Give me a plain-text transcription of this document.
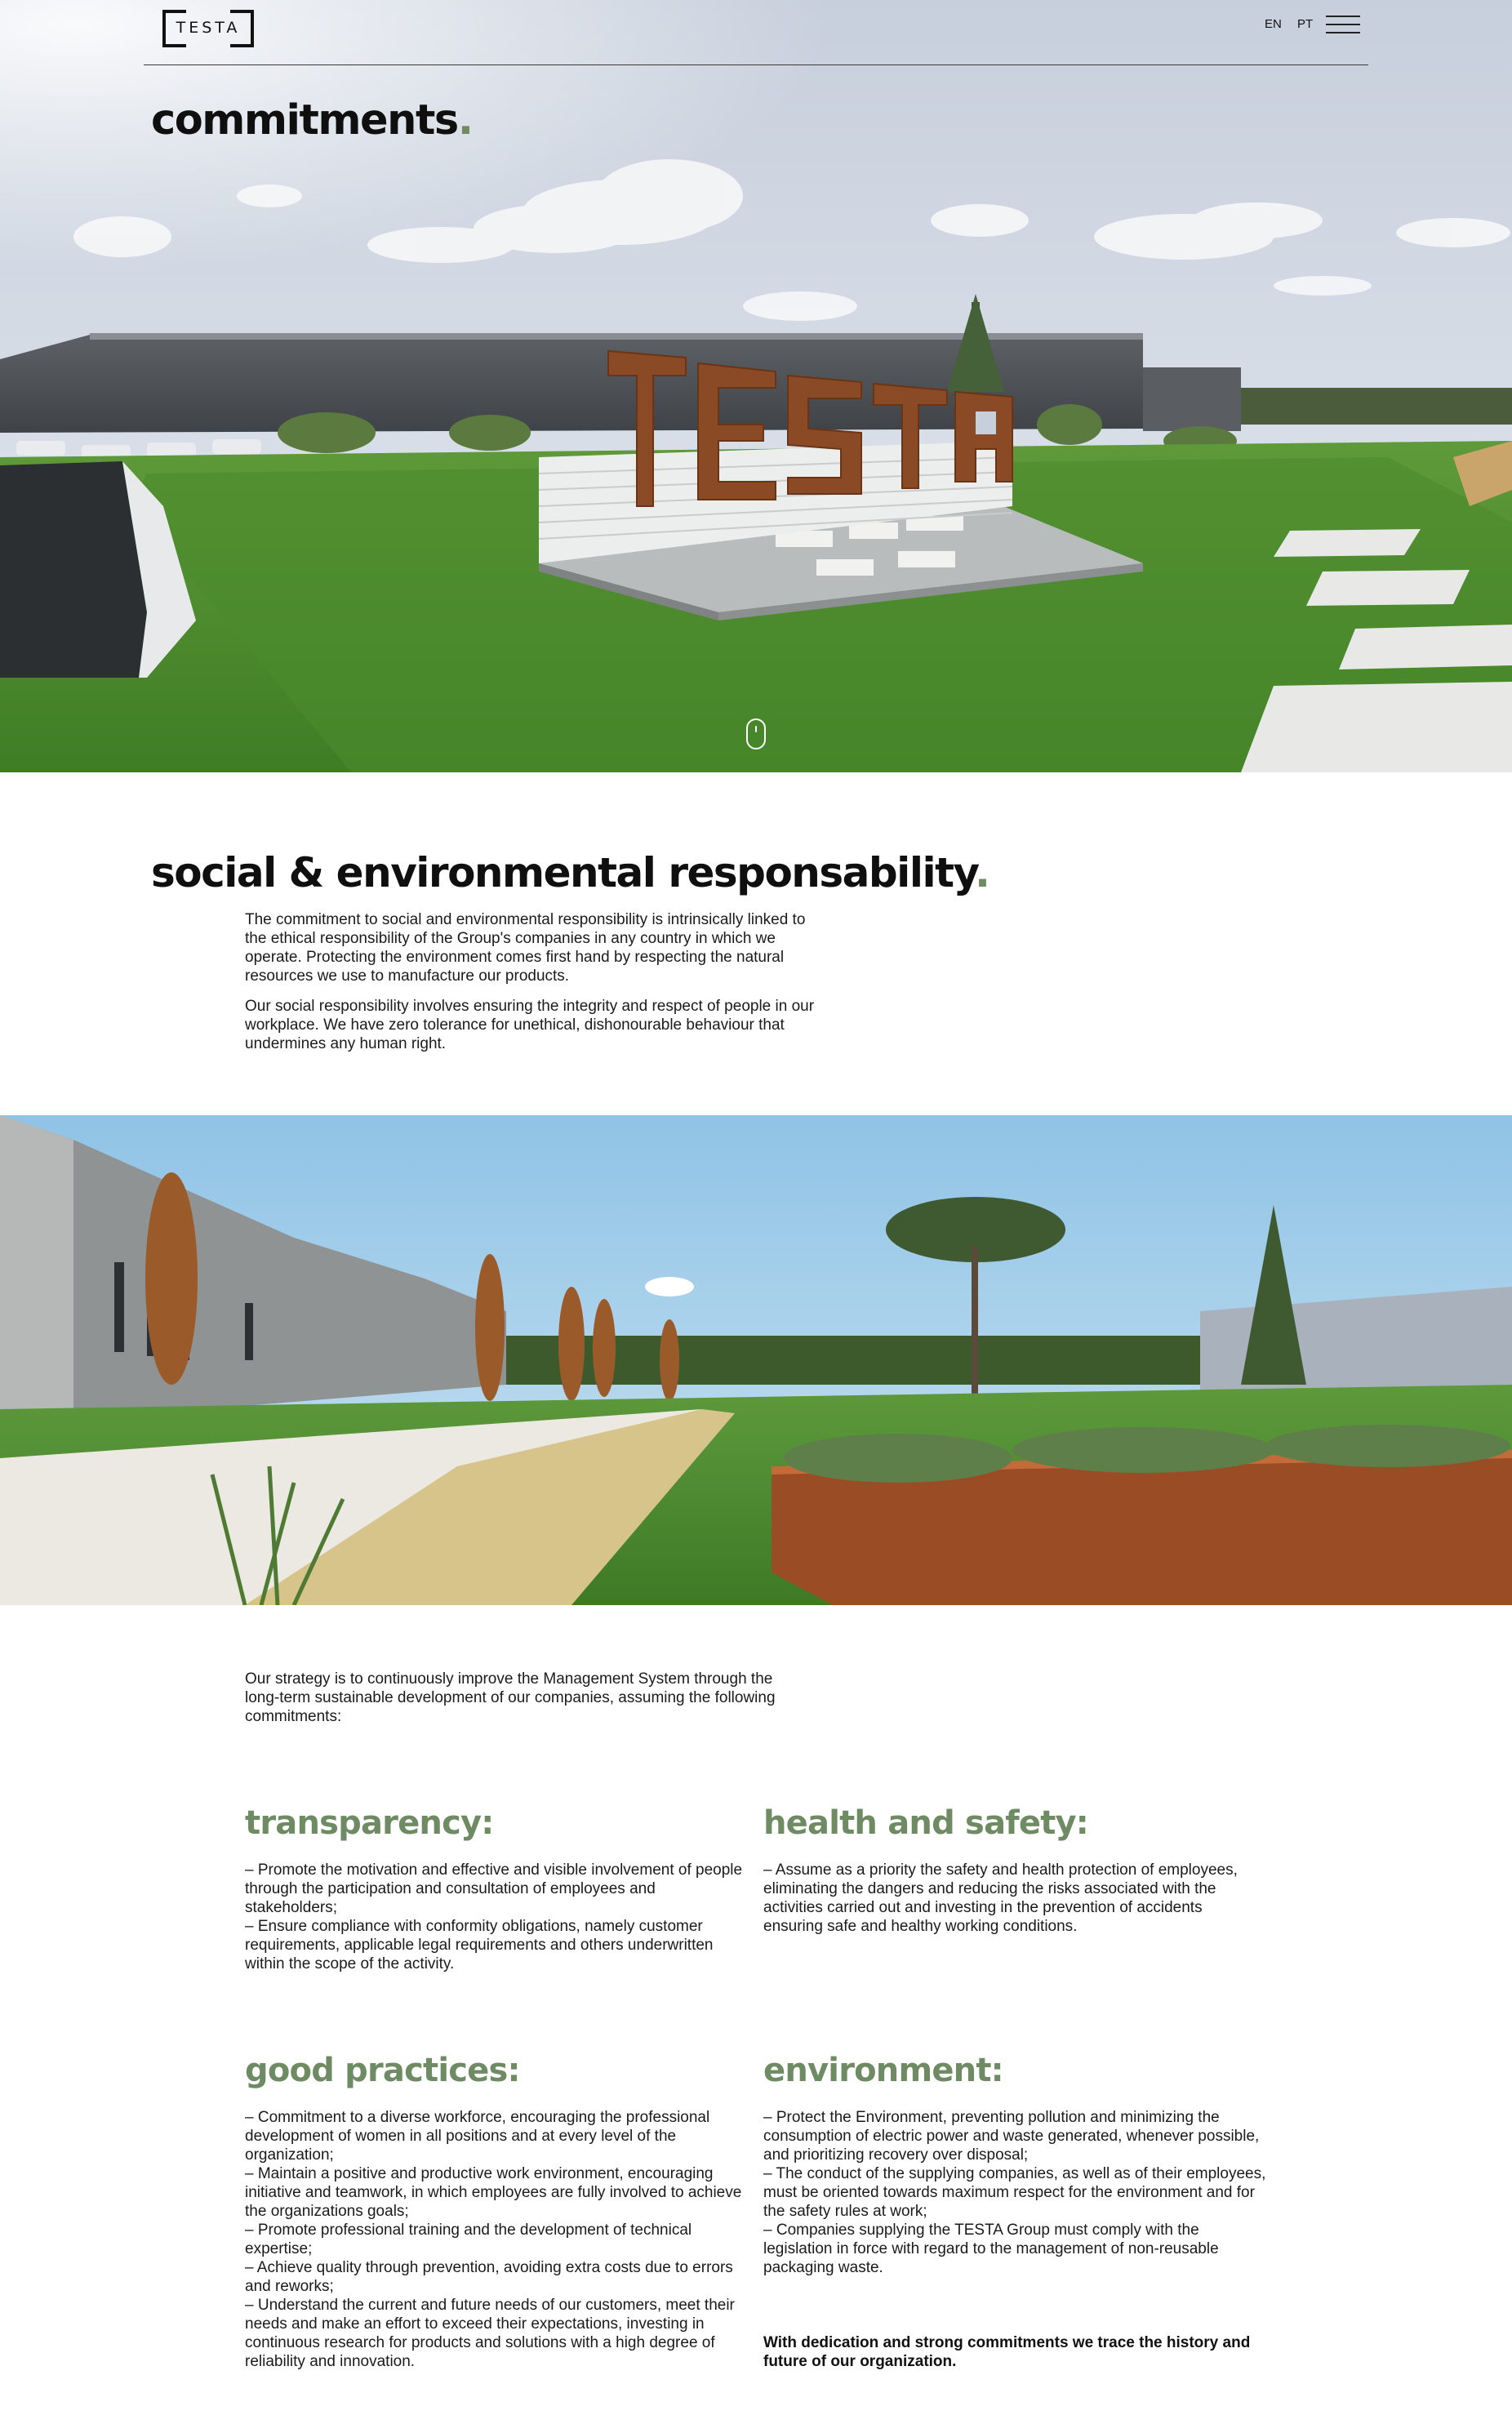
TESTA	EN PT
commitments.
social & environmental responsability.

The commitment to social and environmental responsibility is intrinsically linked to the ethical responsibility of the Group's companies in any country in which we operate. Protecting the environment comes first hand by respecting the natural resources we use to manufacture our products.

Our social responsibility involves ensuring the integrity and respect of people in our workplace. We have zero tolerance for unethical, dishonourable behaviour that undermines any human right.

Our strategy is to continuously improve the Management System through the long-term sustainable development of our companies, assuming the following commitments:

transparency:
– Promote the motivation and effective and visible involvement of people through the participation and consultation of employees and stakeholders;
– Ensure compliance with conformity obligations, namely customer requirements, applicable legal requirements and others underwritten within the scope of the activity.
health and safety:
– Assume as a priority the safety and health protection of employees, eliminating the dangers and reducing the risks associated with the activities carried out and investing in the prevention of accidents ensuring safe and healthy working conditions.
good practices:
– Commitment to a diverse workforce, encouraging the professional development of women in all positions and at every level of the organization;
– Maintain a positive and productive work environment, encouraging initiative and teamwork, in which employees are fully involved to achieve the organizations goals;
– Promote professional training and the development of technical expertise;
– Achieve quality through prevention, avoiding extra costs due to errors and reworks;
– Understand the current and future needs of our customers, meet their needs and make an effort to exceed their expectations, investing in continuous research for products and solutions with a high degree of reliability and innovation.
environment:
– Protect the Environment, preventing pollution and minimizing the consumption of electric power and waste generated, whenever possible, and prioritizing recovery over disposal;
– The conduct of the supplying companies, as well as of their employees, must be oriented towards maximum respect for the environment and for the safety rules at work;
– Companies supplying the TESTA Group must comply with the legislation in force with regard to the management of non-reusable packaging waste.

With dedication and strong commitments we trace the history and future of our organization.
